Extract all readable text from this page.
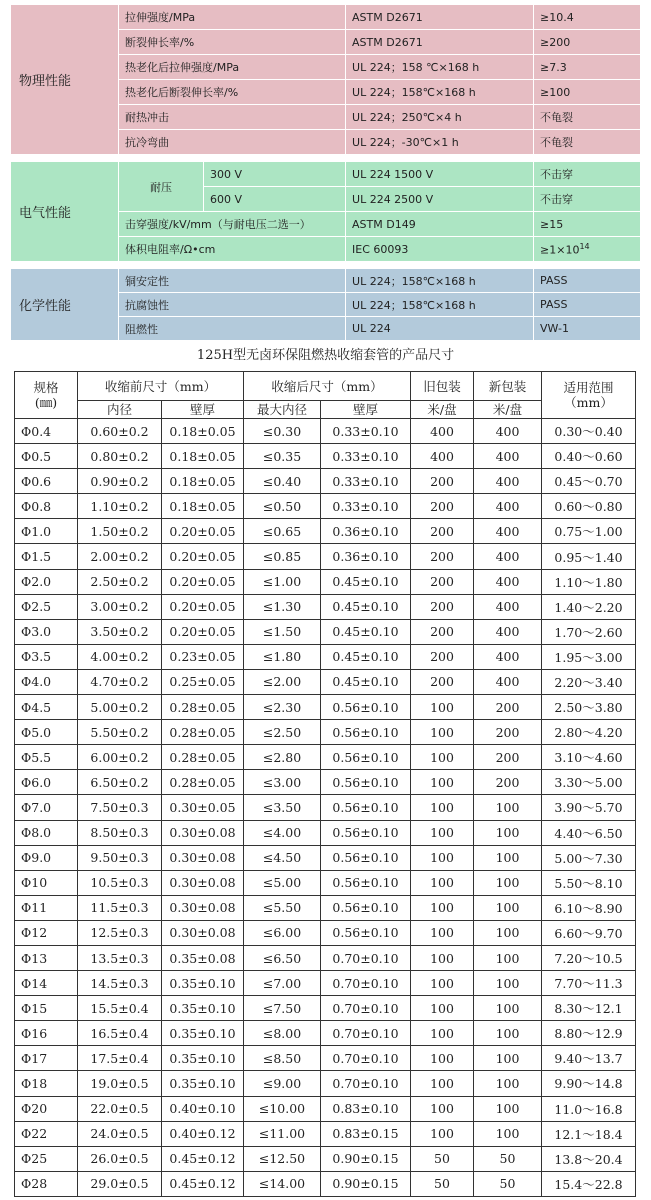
物理性能	拉伸强度/MPa		ASTM D2671	≥10.4
	断裂伸长率/%		ASTM D2671	≥200
	热老化后拉伸强度/MPa		UL 224；158 ℃×168 h	≥7.3
	热老化后断裂伸长率/%		UL 224；158℃×168 h	≥100
	耐热冲击		UL 224；250℃×4 h	不龟裂
	抗冷弯曲		UL 224；-30℃×1 h	不龟裂

电气性能	耐压	300 V	UL 224 1500 V	不击穿
		600 V	UL 224 2500 V	不击穿
	击穿强度/kV/mm（与耐电压二选一）		ASTM D149	≥15
	体积电阻率/Ω•cm		IEC 60093	$\ge 1\times 10^{14}$

化学性能	铜安定性		UL 224；158℃×168 h	PASS
	抗腐蚀性		UL 224；158℃×168 h	PASS
	阻燃性		UL 224	VW-1
125H型无卤环保阻燃热收缩套管的产品尺寸
规格
(㎜)	收缩前尺寸（mm）		收缩后尺寸（mm）		旧包装	新包装	适用范围
（mm）
	内径	壁厚	最大内径	壁厚	米/盘	米/盘	
Φ0.4	0.60±0.2	0.18±0.05	≤0.30	0.33±0.10	400	400	0.30～0.40
Φ0.5	0.80±0.2	0.18±0.05	≤0.35	0.33±0.10	400	400	0.40～0.60
Φ0.6	0.90±0.2	0.18±0.05	≤0.40	0.33±0.10	200	400	0.45～0.70
Φ0.8	1.10±0.2	0.18±0.05	≤0.50	0.33±0.10	200	400	0.60～0.80
Φ1.0	1.50±0.2	0.20±0.05	≤0.65	0.36±0.10	200	400	0.75～1.00
Φ1.5	2.00±0.2	0.20±0.05	≤0.85	0.36±0.10	200	400	0.95～1.40
Φ2.0	2.50±0.2	0.20±0.05	≤1.00	0.45±0.10	200	400	1.10～1.80
Φ2.5	3.00±0.2	0.20±0.05	≤1.30	0.45±0.10	200	400	1.40～2.20
Φ3.0	3.50±0.2	0.20±0.05	≤1.50	0.45±0.10	200	400	1.70～2.60
Φ3.5	4.00±0.2	0.23±0.05	≤1.80	0.45±0.10	200	400	1.95～3.00
Φ4.0	4.70±0.2	0.25±0.05	≤2.00	0.45±0.10	200	400	2.20～3.40
Φ4.5	5.00±0.2	0.28±0.05	≤2.30	0.56±0.10	100	200	2.50～3.80
Φ5.0	5.50±0.2	0.28±0.05	≤2.50	0.56±0.10	100	200	2.80～4.20
Φ5.5	6.00±0.2	0.28±0.05	≤2.80	0.56±0.10	100	200	3.10～4.60
Φ6.0	6.50±0.2	0.28±0.05	≤3.00	0.56±0.10	100	200	3.30～5.00
Φ7.0	7.50±0.3	0.30±0.05	≤3.50	0.56±0.10	100	100	3.90～5.70
Φ8.0	8.50±0.3	0.30±0.08	≤4.00	0.56±0.10	100	100	4.40～6.50
Φ9.0	9.50±0.3	0.30±0.08	≤4.50	0.56±0.10	100	100	5.00～7.30
Φ10	10.5±0.3	0.30±0.08	≤5.00	0.56±0.10	100	100	5.50～8.10
Φ11	11.5±0.3	0.30±0.08	≤5.50	0.56±0.10	100	100	6.10～8.90
Φ12	12.5±0.3	0.30±0.08	≤6.00	0.56±0.10	100	100	6.60～9.70
Φ13	13.5±0.3	0.35±0.08	≤6.50	0.70±0.10	100	100	7.20～10.5
Φ14	14.5±0.3	0.35±0.10	≤7.00	0.70±0.10	100	100	7.70～11.3
Φ15	15.5±0.4	0.35±0.10	≤7.50	0.70±0.10	100	100	8.30～12.1
Φ16	16.5±0.4	0.35±0.10	≤8.00	0.70±0.10	100	100	8.80～12.9
Φ17	17.5±0.4	0.35±0.10	≤8.50	0.70±0.10	100	100	9.40～13.7
Φ18	19.0±0.5	0.35±0.10	≤9.00	0.70±0.10	100	100	9.90～14.8
Φ20	22.0±0.5	0.40±0.10	≤10.00	0.83±0.10	100	100	11.0～16.8
Φ22	24.0±0.5	0.40±0.12	≤11.00	0.83±0.15	100	100	12.1～18.4
Φ25	26.0±0.5	0.45±0.12	≤12.50	0.90±0.15	50	50	13.8～20.4
Φ28	29.0±0.5	0.45±0.12	≤14.00	0.90±0.15	50	50	15.4～22.8
